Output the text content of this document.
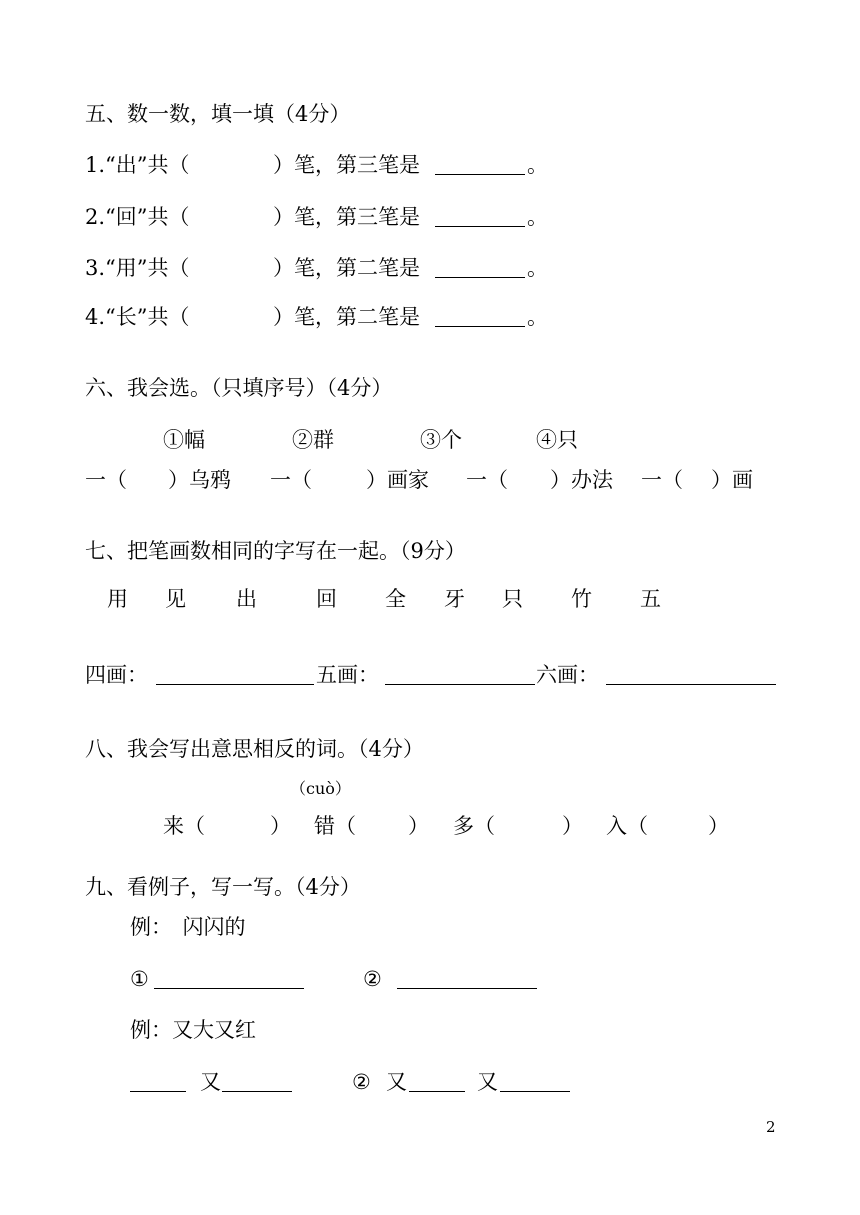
五、数一数，填一填（4分）
1.“出”共（	）笔，第三笔是	。
2.“回”共（	）笔，第三笔是	。
3.“用”共（	）笔，第二笔是	。
4.“长”共（	）笔，第二笔是	。
六、我会选。（只填序号）（4分）
①幅	②群	③个	④只
一（ ）乌鸦 一（	）画家 一（ ）办法 一（ ）画
七、把笔画数相同的字写在一起。（9分）
用 见 出	回 全 牙 只 竹 五
四画：	五画：	六画：
八、我会写出意思相反的词。（4分）
（cuò）
来（	） 错（ ） 多（	） 入（	）
九、看例子，写一写。（4分）
例：　闪闪的
①	②
例：又大又红
又	② 又	又
2
